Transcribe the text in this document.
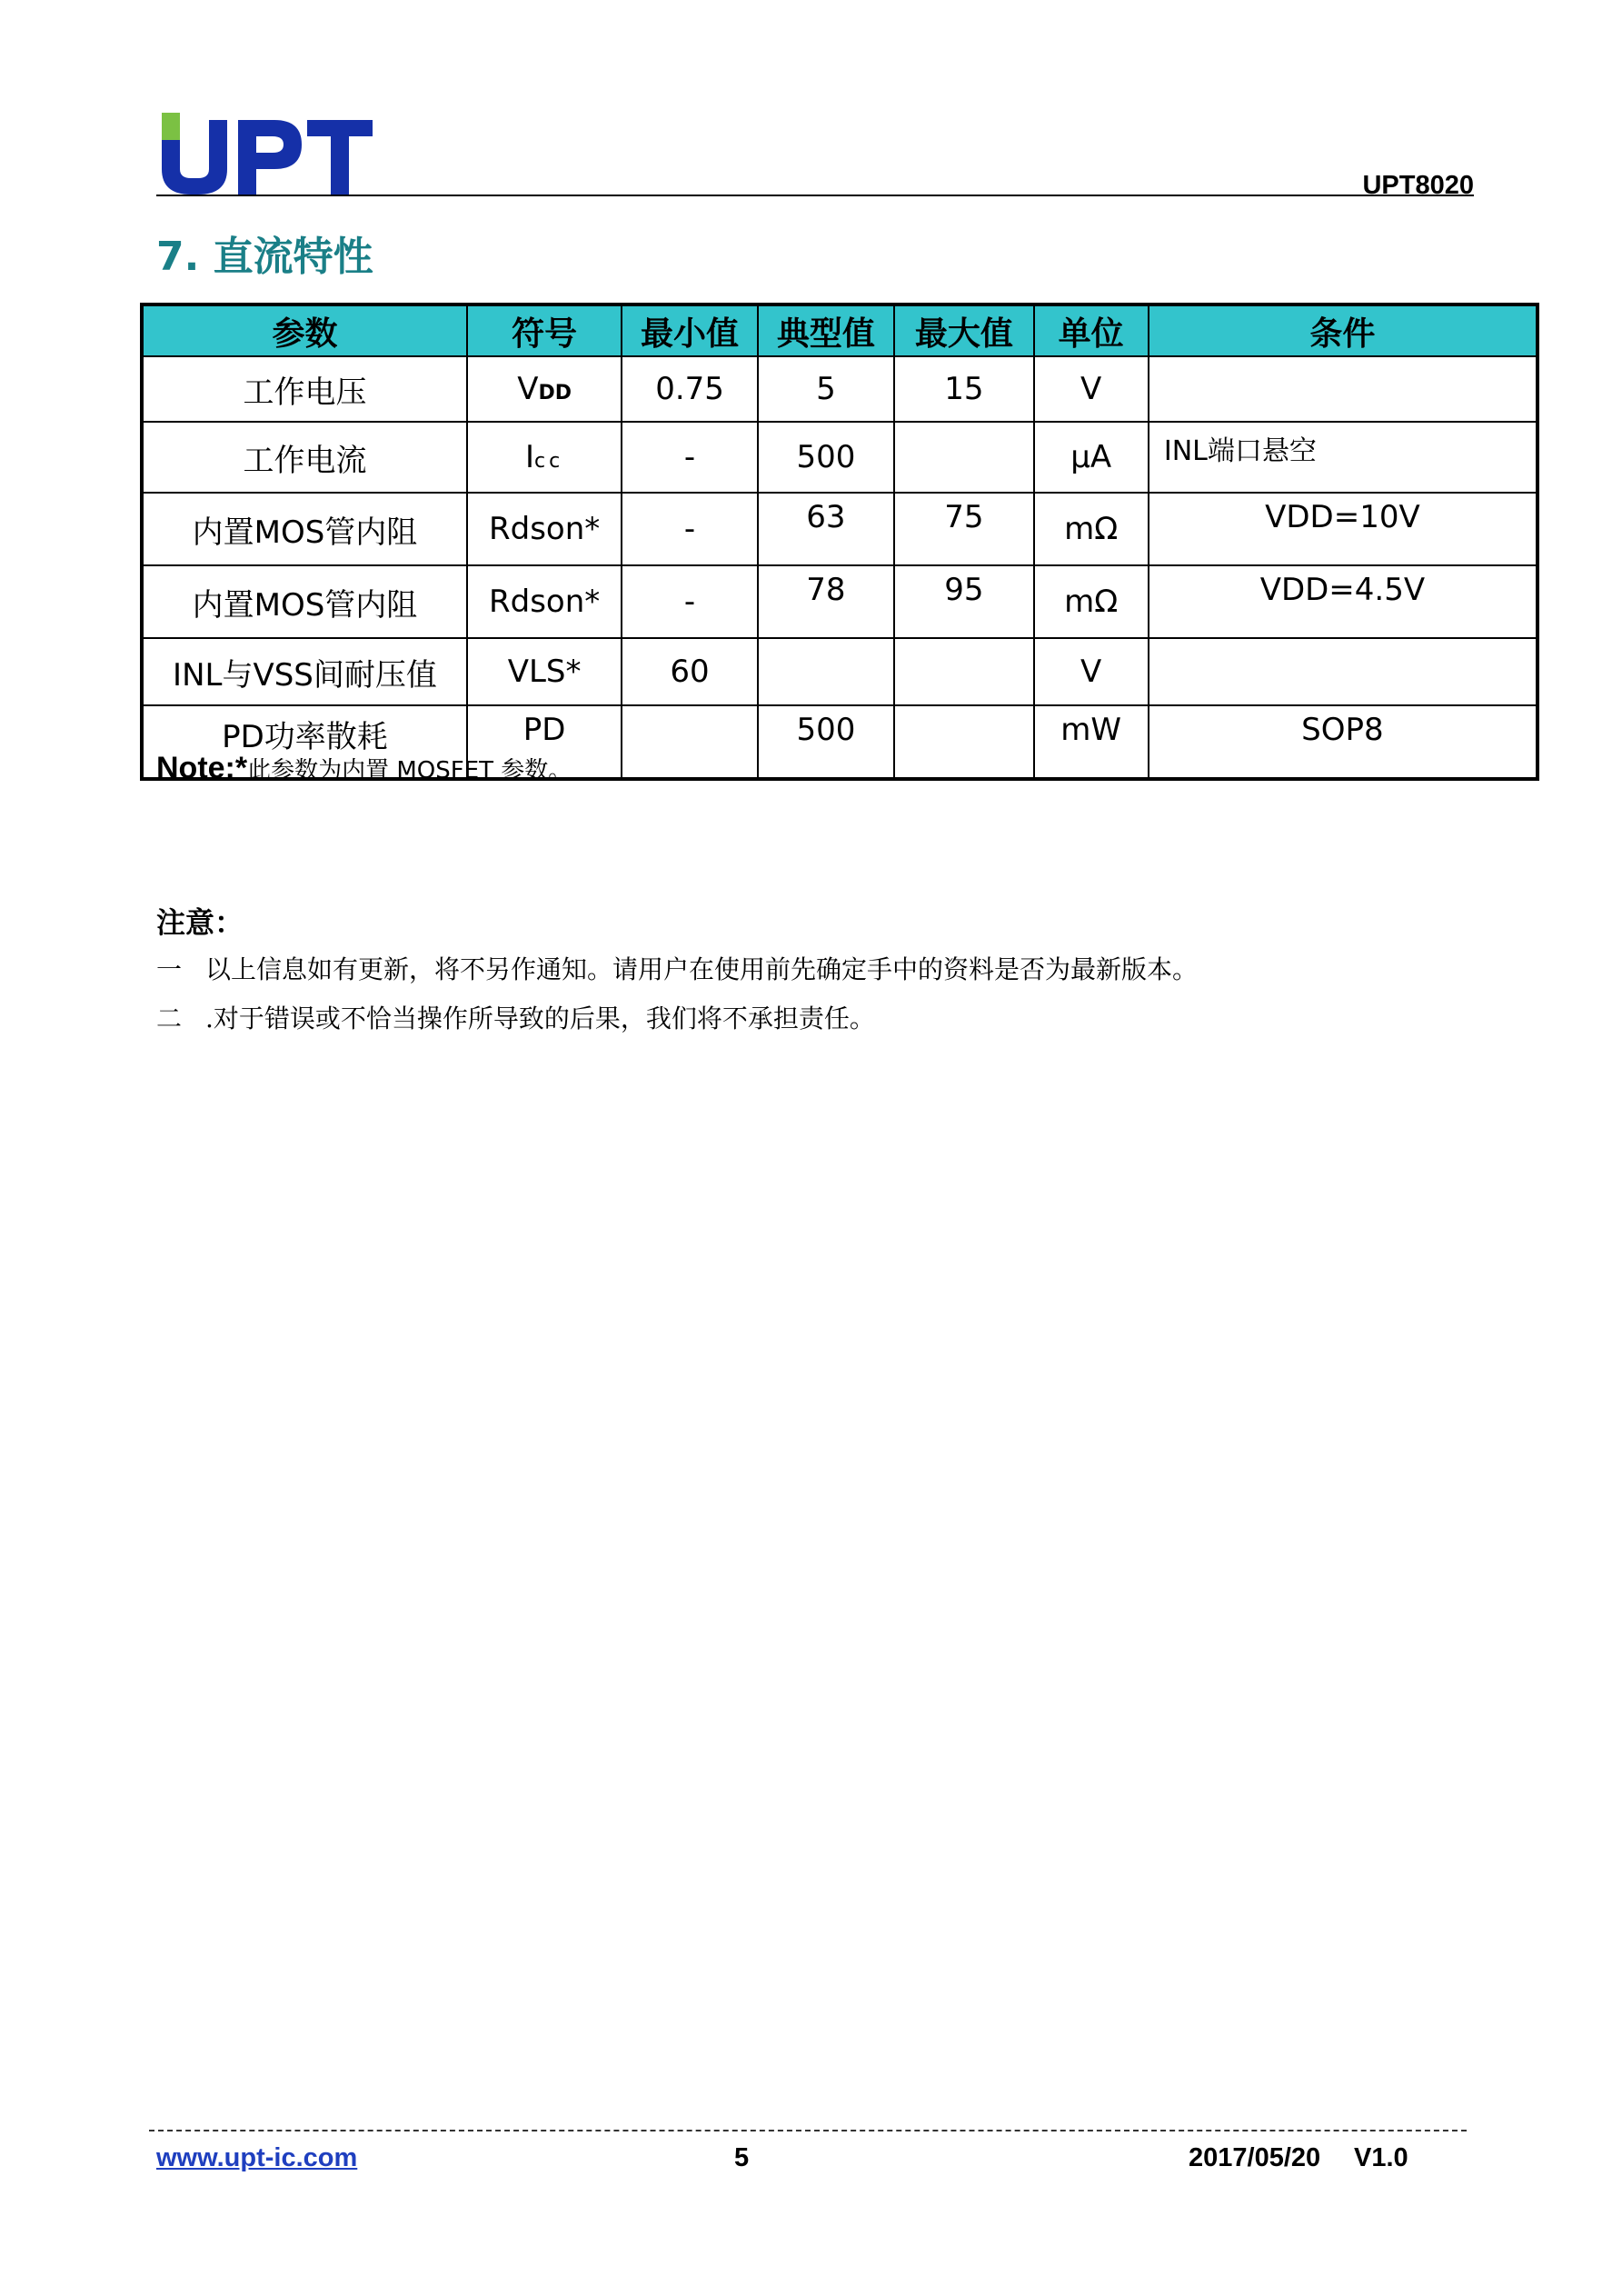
UPT8020
7. 直流特性
参数	符号	最小值	典型值	最大值	单位	条件
工作电压	VDD	0.75	5	15	V	
工作电流	Icc	-	500		μA	INL端口悬空
内置MOS管内阻	Rdson*	-	63	75	mΩ	VDD=10V
内置MOS管内阻	Rdson*	-	78	95	mΩ	VDD=4.5V
INL与VSS间耐压值	VLS*	60			V	
PD功率散耗	PD		500		mW	SOP8
Note:*此参数为内置 MOSFET 参数。
注意：
一 以上信息如有更新，将不另作通知。请用户在使用前先确定手中的资料是否为最新版本。
二 .对于错误或不恰当操作所导致的后果，我们将不承担责任。
www.upt-ic.com	5	2017/05/20 V1.0
